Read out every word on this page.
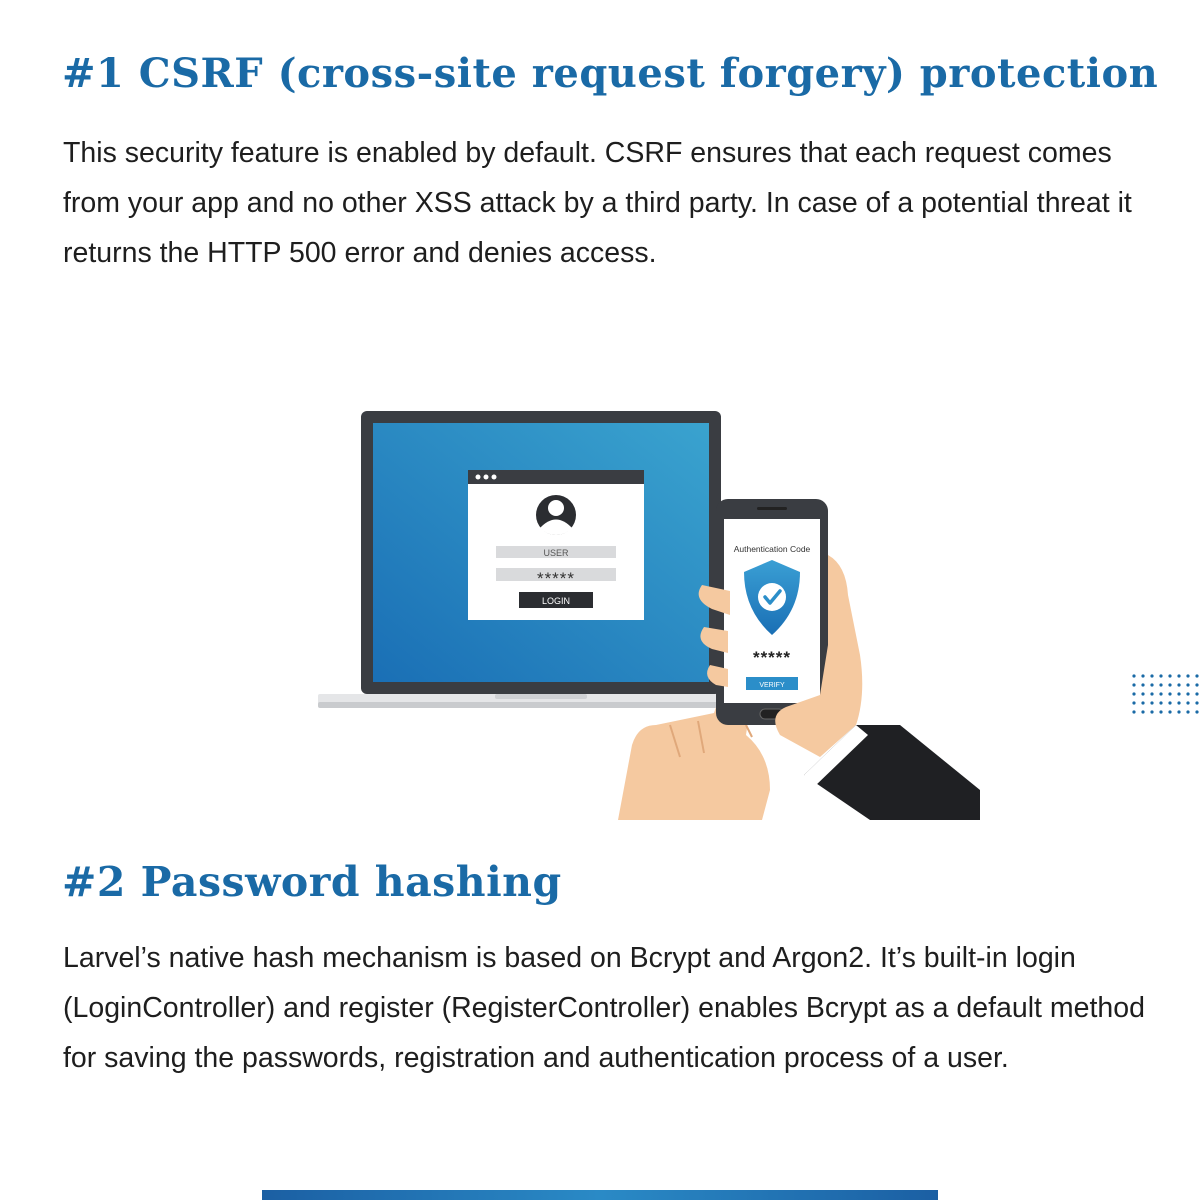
#1 CSRF (cross-site request forgery) protection

This security feature is enabled by default. CSRF ensures that each request comes from your app and no other XSS attack by a third party. In case of a potential threat it returns the HTTP 500 error and denies access.

USER
*****
LOGIN
Authentication Code
*****
VERIFY
#2 Password hashing

Larvel’s native hash mechanism is based on Bcrypt and Argon2. It’s built-in login (LoginController) and register (RegisterController) enables Bcrypt as a default method for saving the passwords, registration and authentication process of a user.
